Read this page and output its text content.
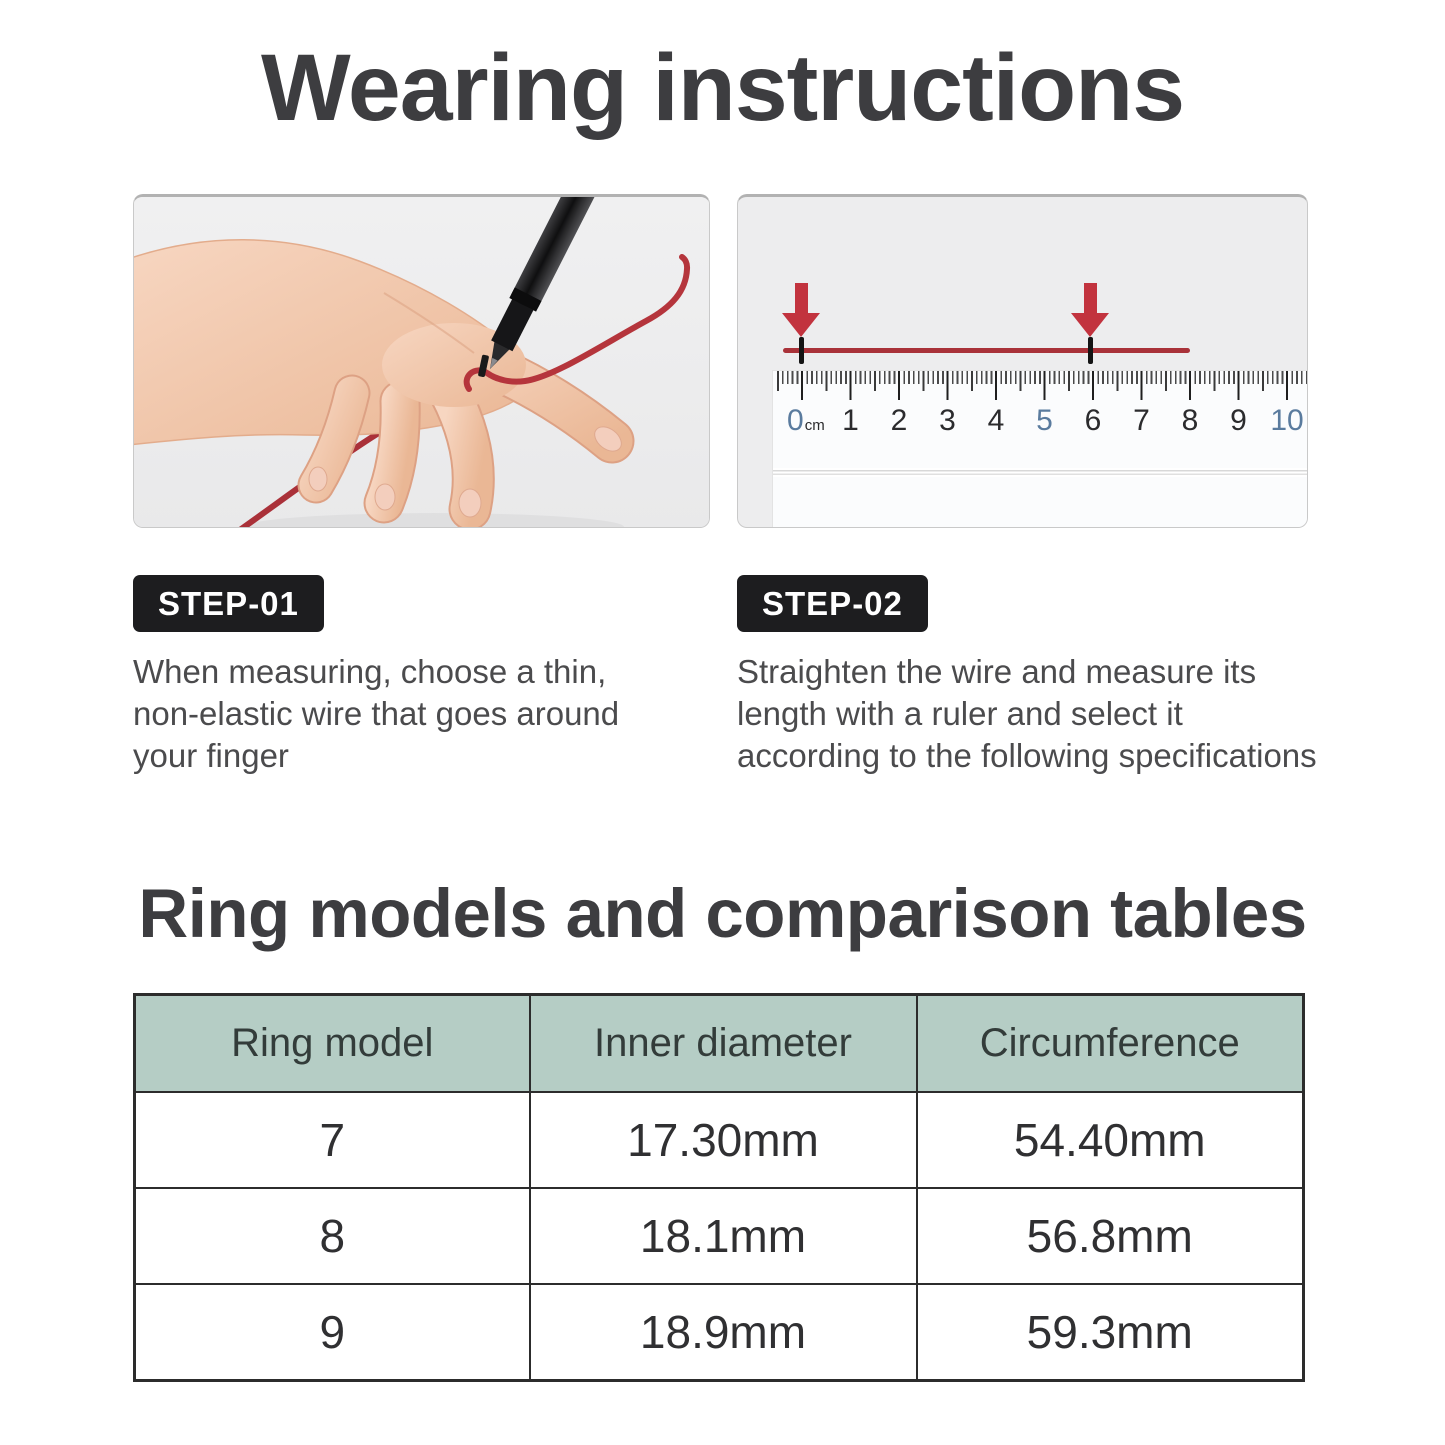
Wearing instructions
0cm 1 2 3 4 5 6 7 8 9 10
STEP-01	STEP-02
When measuring, choose a thin,
non-elastic wire that goes around
your finger
Straighten the wire and measure its
length with a ruler and select it
according to the following specifications
Ring models and comparison tables
Ring model	Inner diameter	Circumference
7	17.30mm	54.40mm
8	18.1mm	56.8mm
9	18.9mm	59.3mm
